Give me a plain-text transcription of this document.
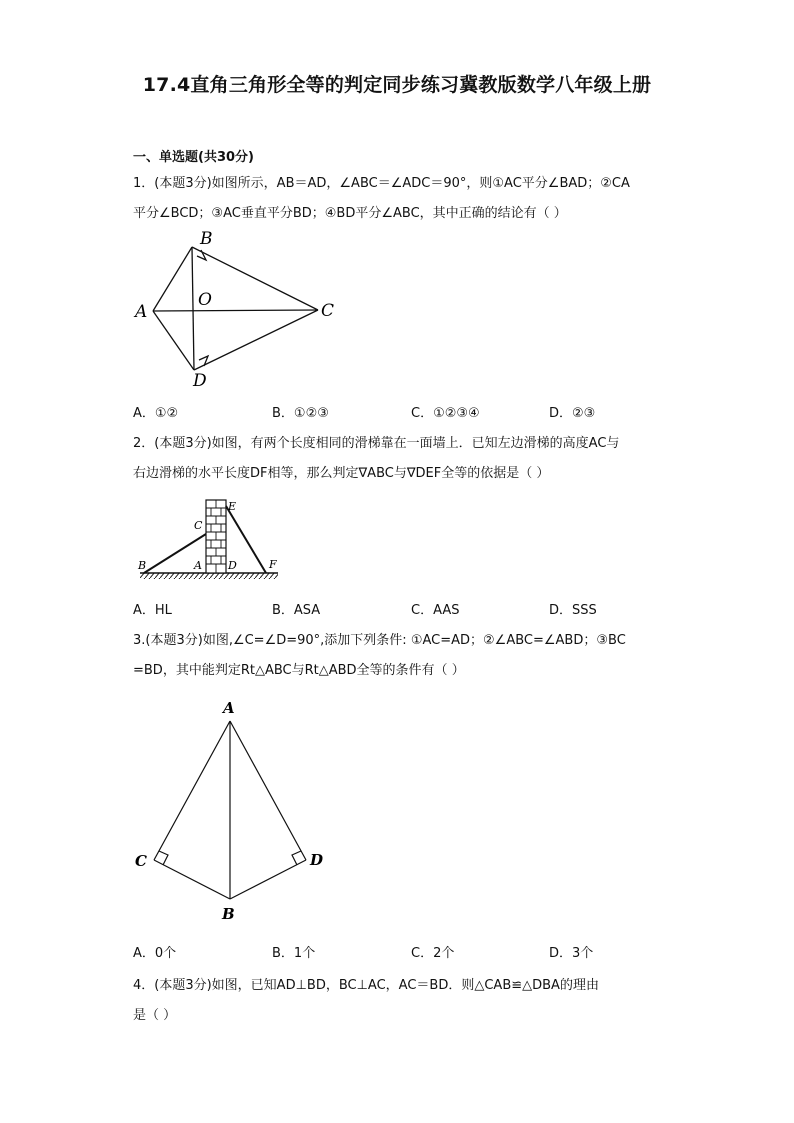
17.4直角三角形全等的判定同步练习冀教版数学八年级上册
一、单选题(共30分)
1．(本题3分)如图所示，AB＝AD，∠ABC＝∠ADC＝90°，则①AC平分∠BAD；②CA
平分∠BCD；③AC垂直平分BD；④BD平分∠ABC，其中正确的结论有（ ）
B
O
A	C
D
A．①②	B．①②③	C．①②③④	D．②③
2．(本题3分)如图，有两个长度相同的滑梯靠在一面墙上．已知左边滑梯的高度AC与
右边滑梯的水平长度DF相等，那么判定∇ABC与∇DEF全等的依据是（ ）
E
C
B	A D	F
A．HL	B．ASA	C．AAS	D．SSS
3.(本题3分)如图,∠C=∠D=90°,添加下列条件: ①AC=AD；②∠ABC=∠ABD；③BC
=BD，其中能判定Rt△ABC与Rt△ABD全等的条件有（ ）
A
C	D
B
A．0个	B．1个	C．2个	D．3个
4．(本题3分)如图，已知AD⊥BD，BC⊥AC，AC＝BD．则△CAB≌△DBA的理由
是（ ）
